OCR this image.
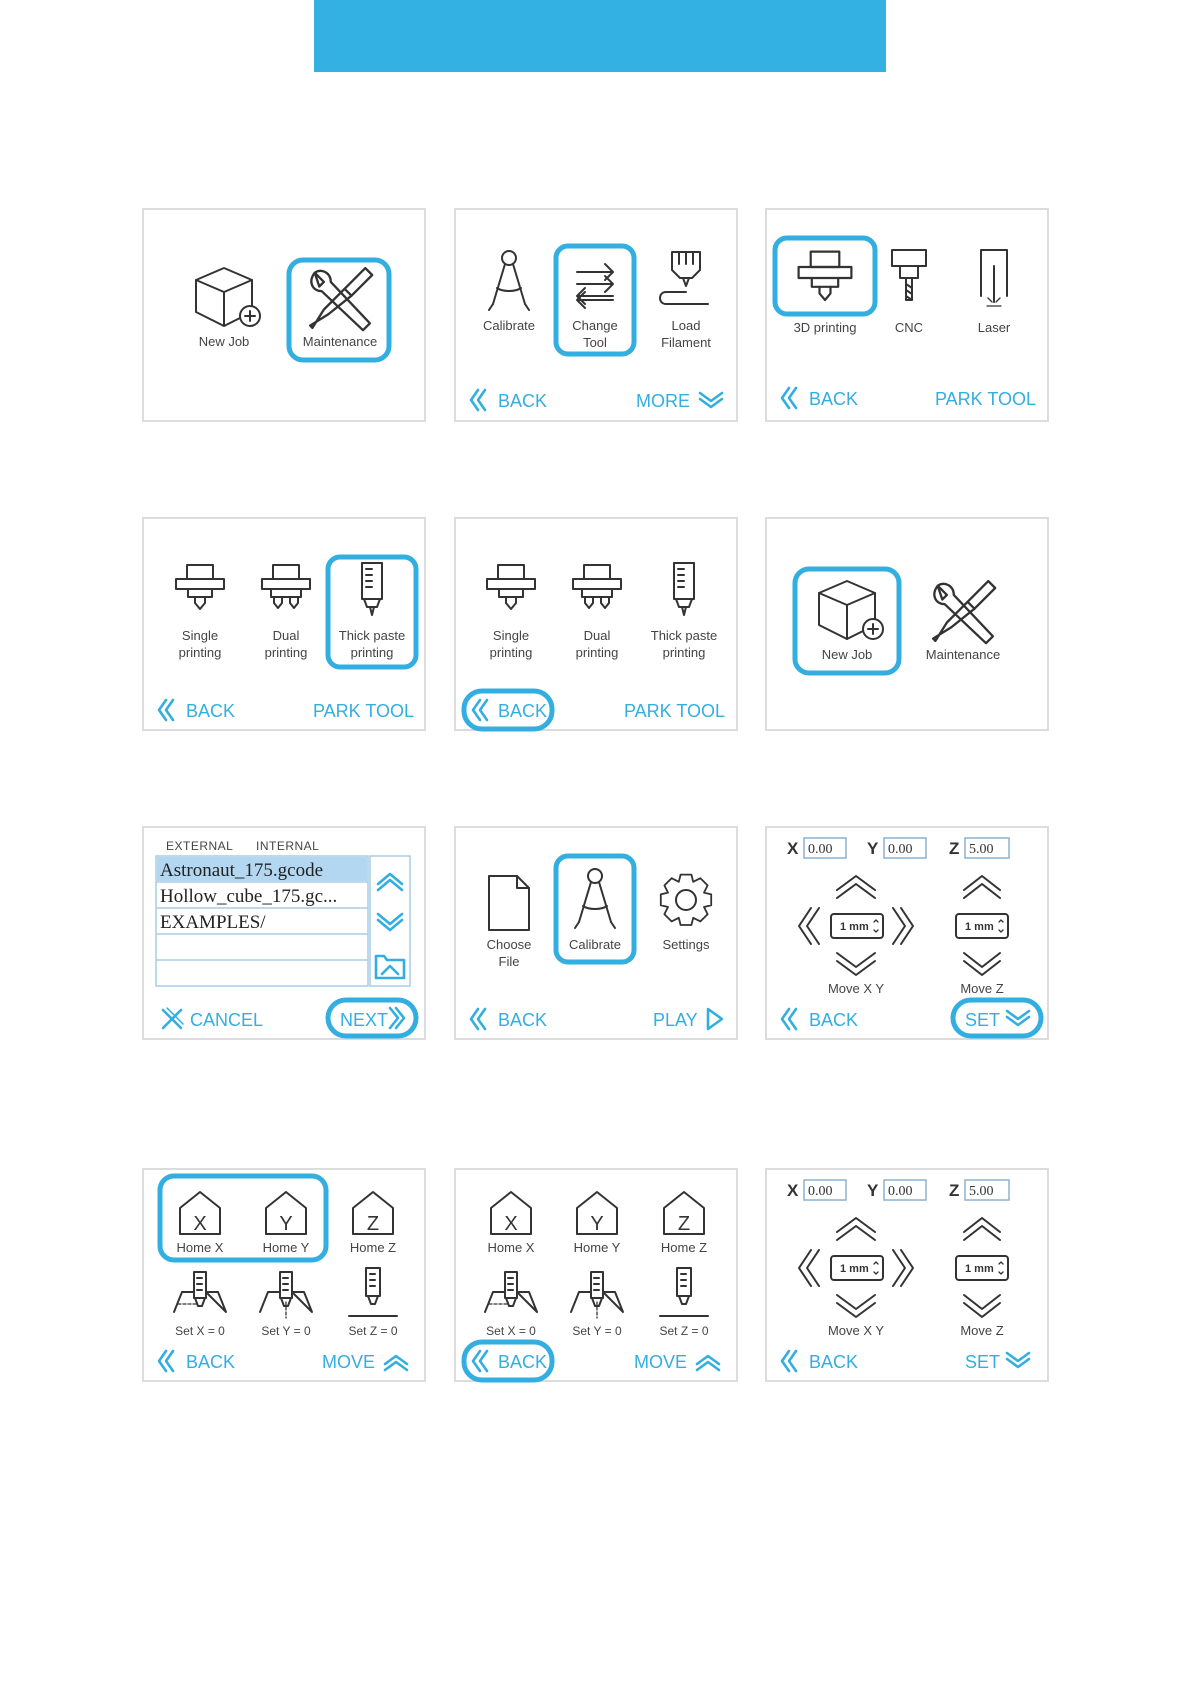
New Job	Maintenance
Calibrate	Change
Tool
Load
Filament
BACK	MORE
3D printing	CNC	Laser
BACK	PARK TOOL
Single
printing
Dual
printing
Thick paste
printing
BACK	PARK TOOL
Single
printing
Dual
printing
Thick paste
printing
BACK	PARK TOOL
New Job	Maintenance
EXTERNAL INTERNAL
Astronaut_175.gcode
Hollow_cube_175.gc...
EXAMPLES/
CANCEL	NEXT
Choose
File
Calibrate	Settings
BACK	PLAY	BACK	SET
X
Home X
Y
Home Y
Z
Home Z
Set X = 0	Set Y = 0	Set Z = 0
BACK	MOVE
X
Home X
Y
Home Y
Z
Home Z
Set X = 0	Set Y = 0	Set Z = 0
BACK	MOVE	BACK	SET
